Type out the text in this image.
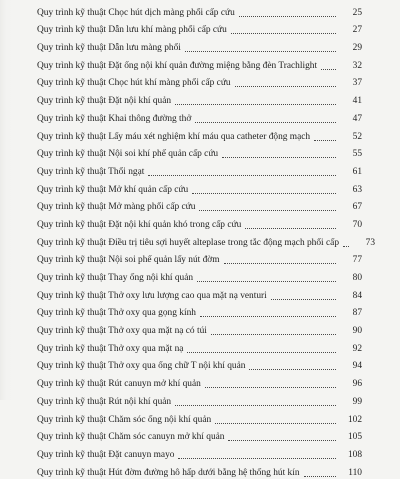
Quy trình kỹ thuật Chọc hút dịch màng phổi cấp cứu	25
Quy trình kỹ thuật Dẫn lưu khí màng phổi cấp cứu	27
Quy trình kỹ thuật Dẫn lưu màng phổi	29
Quy trình kỹ thuật Đặt ống nội khí quản đường miệng bằng đèn Trachlight	32
Quy trình kỹ thuật Chọc hút khí màng phổi cấp cứu	37
Quy trình kỹ thuật Đặt nội khí quản	41
Quy trình kỹ thuật Khai thông đường thở	47
Quy trình kỹ thuật Lấy máu xét nghiệm khí máu qua catheter động mạch	52
Quy trình kỹ thuật Nội soi khí phế quản cấp cứu	55
Quy trình kỹ thuật Thổi ngạt	61
Quy trình kỹ thuật Mở khí quản cấp cứu	63
Quy trình kỹ thuật Mở màng phổi cấp cứu	67
Quy trình kỹ thuật Đặt nội khí quản khó trong cấp cứu	70
Quy trình kỹ thuật Điều trị tiêu sợi huyết alteplase trong tắc động mạch phổi cấp	73
Quy trình kỹ thuật Nội soi phế quản lấy nút đờm	77
Quy trình kỹ thuật Thay ống nội khí quản	80
Quy trình kỹ thuật Thở oxy lưu lượng cao qua mặt nạ venturi	84
Quy trình kỹ thuật Thở oxy qua gọng kính	87
Quy trình kỹ thuật Thở oxy qua mặt nạ có túi	90
Quy trình kỹ thuật Thở oxy qua mặt nạ	92
Quy trình kỹ thuật Thở oxy qua ống chữ T nội khí quản	94
Quy trình kỹ thuật Rút canuyn mở khí quản	96
Quy trình kỹ thuật Rút nội khí quản	99
Quy trình kỹ thuật Chăm sóc ống nội khí quản	102
Quy trình kỹ thuật Chăm sóc canuyn mở khí quản	105
Quy trình kỹ thuật Đặt canuyn mayo	108
Quy trình kỹ thuật Hút đờm đường hô hấp dưới bằng hệ thống hút kín	110
